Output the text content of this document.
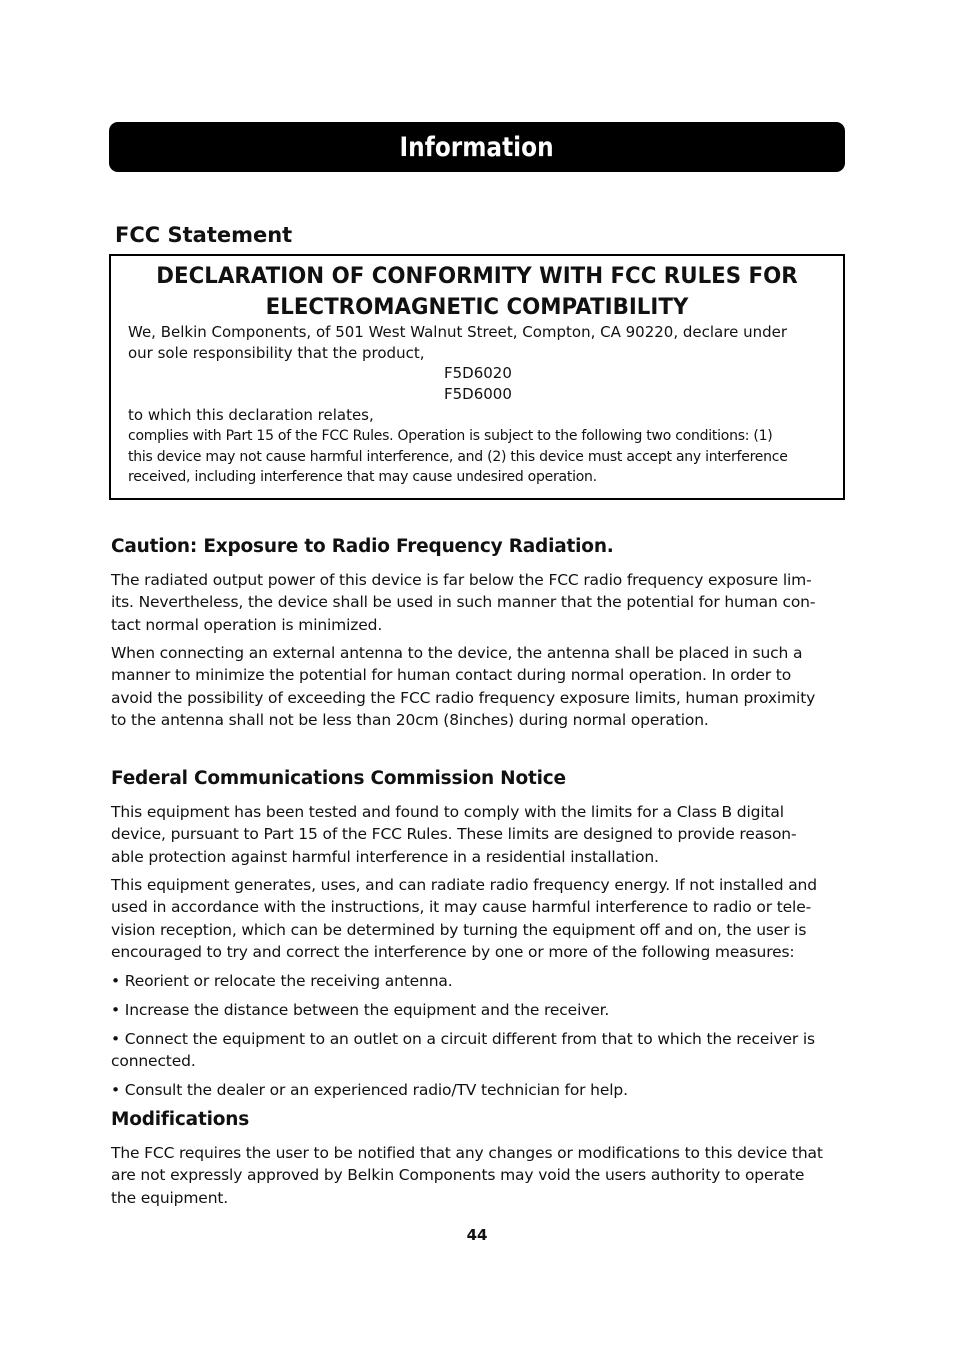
Information
FCC Statement
DECLARATION OF CONFORMITY WITH FCC RULES FOR
ELECTROMAGNETIC COMPATIBILITY
We, Belkin Components, of 501 West Walnut Street, Compton, CA 90220, declare under
our sole responsibility that the product,
F5D6020
F5D6000
to which this declaration relates,
complies with Part 15 of the FCC Rules. Operation is subject to the following two conditions: (1)
this device may not cause harmful interference, and (2) this device must accept any interference
received, including interference that may cause undesired operation.
Caution: Exposure to Radio Frequency Radiation.
The radiated output power of this device is far below the FCC radio frequency exposure lim-
its. Nevertheless, the device shall be used in such manner that the potential for human con-
tact normal operation is minimized.
When connecting an external antenna to the device, the antenna shall be placed in such a
manner to minimize the potential for human contact during normal operation. In order to
avoid the possibility of exceeding the FCC radio frequency exposure limits, human proximity
to the antenna shall not be less than 20cm (8inches) during normal operation.
Federal Communications Commission Notice
This equipment has been tested and found to comply with the limits for a Class B digital
device, pursuant to Part 15 of the FCC Rules. These limits are designed to provide reason-
able protection against harmful interference in a residential installation.
This equipment generates, uses, and can radiate radio frequency energy. If not installed and
used in accordance with the instructions, it may cause harmful interference to radio or tele-
vision reception, which can be determined by turning the equipment off and on, the user is
encouraged to try and correct the interference by one or more of the following measures:
• Reorient or relocate the receiving antenna.
• Increase the distance between the equipment and the receiver.
• Connect the equipment to an outlet on a circuit different from that to which the receiver is
connected.
• Consult the dealer or an experienced radio/TV technician for help.
Modifications
The FCC requires the user to be notified that any changes or modifications to this device that
are not expressly approved by Belkin Components may void the users authority to operate
the equipment.
44
